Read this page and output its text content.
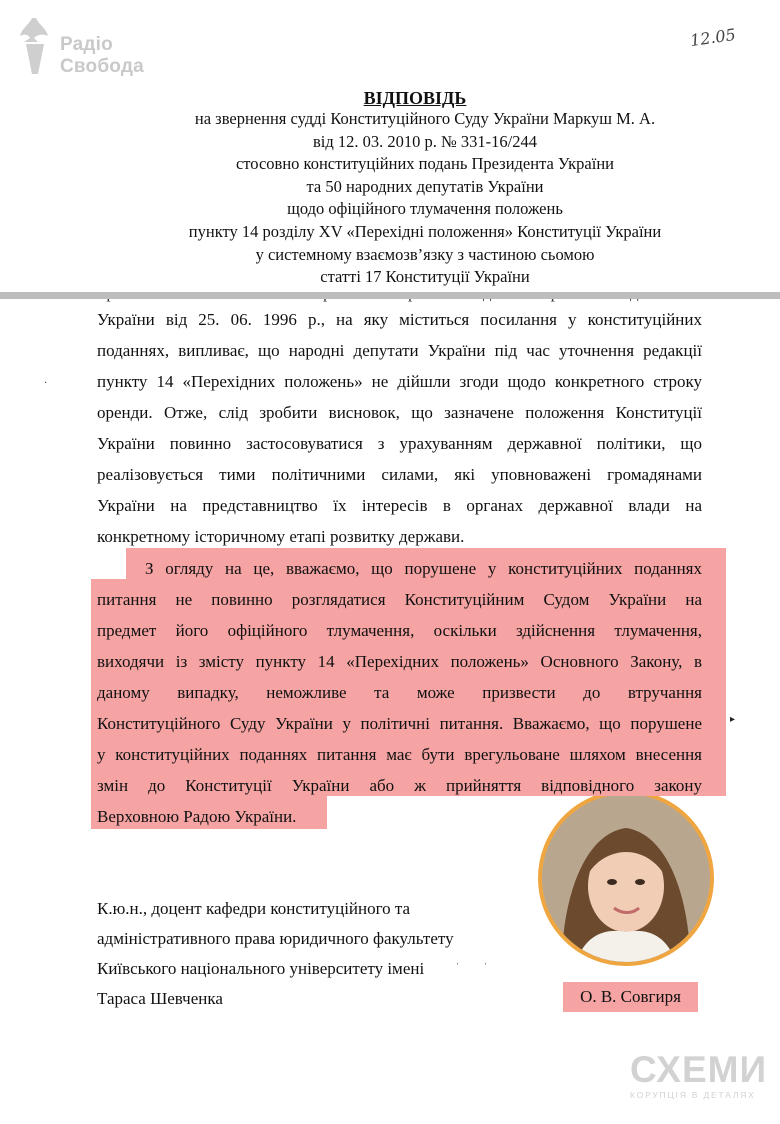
Радіо
Свобода
12.05
ВІДПОВІДЬ
на звернення судді Конституційного Суду України Маркуш М. А.
від 12. 03. 2010 р. № 331-16/244
стосовно конституційних подань Президента України
та 50 народних депутатів України
щодо офіційного тлумачення положень
пункту 14 розділу XV «Перехідні положення» Конституції України
у системному взаємозв’язку з частиною сьомою
статті 17 Конституції України
України від 25. 06. 1996 р., на яку міститься посилання у конституційних
поданнях, випливає, що народні депутати України під час уточнення редакції
пункту 14 «Перехідних положень» не дійшли згоди щодо конкретного строку
оренди. Отже, слід зробити висновок, що зазначене положення Конституції
України повинно застосовуватися з урахуванням державної політики, що
реалізовується тими політичними силами, які уповноважені громадянами
України на представництво їх інтересів в органах державної влади на
конкретному історичному етапі розвитку держави.
З огляду на це, вважаємо, що порушене у конституційних поданнях
питання не повинно розглядатися Конституційним Судом України на
предмет його офіційного тлумачення, оскільки здійснення тлумачення,
виходячи із змісту пункту 14 «Перехідних положень» Основного Закону, в
даному випадку, неможливе та може призвести до втручання
Конституційного Суду України у політичні питання. Вважаємо, що порушене
у конституційних поданнях питання має бути врегульоване шляхом внесення
змін до Конституції України або ж прийняття відповідного закону
Верховною Радою України.
·
▸
К.ю.н., доцент кафедри конституційного та
адміністративного права юридичного факультету
Київського національного університету імені
Тараса Шевченка
ˈ ˈ
О. В. Совгиря
СХЕМИ
КОРУПЦІЯ В ДЕТАЛЯХ
